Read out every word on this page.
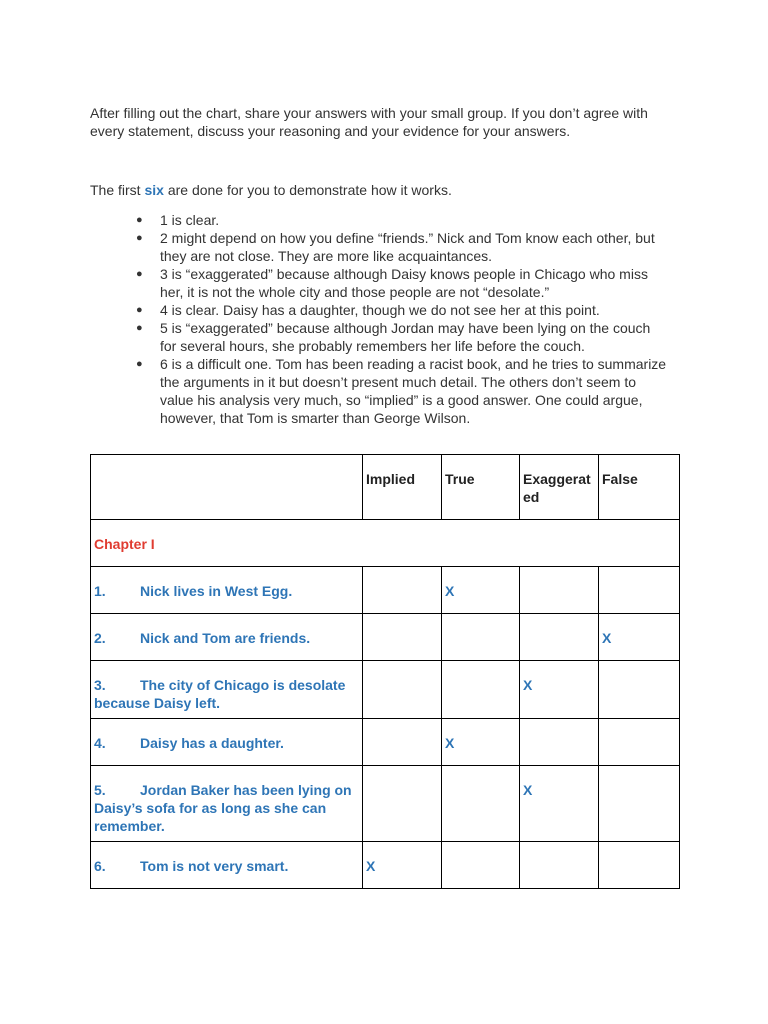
After filling out the chart, share your answers with your small group. If you don’t agree with every statement, discuss your reasoning and your evidence for your answers.

The first six are done for you to demonstrate how it works.

● 1 is clear.
● 2 might depend on how you define “friends.” Nick and Tom know each other, but they are not close. They are more like acquaintances.
● 3 is “exaggerated” because although Daisy knows people in Chicago who miss her, it is not the whole city and those people are not “desolate.”
● 4 is clear. Daisy has a daughter, though we do not see her at this point.
● 5 is “exaggerated” because although Jordan may have been lying on the couch for several hours, she probably remembers her life before the couch.
● 6 is a difficult one. Tom has been reading a racist book, and he tries to summarize the arguments in it but doesn’t present much detail. The others don’t seem to value his analysis very much, so “implied” is a good answer. One could argue, however, that Tom is smarter than George Wilson.
	Implied	True	Exaggerat ed	False
Chapter I				
1. Nick lives in West Egg.		X		
2. Nick and Tom are friends.				X
3. The city of Chicago is desolate because Daisy left.			X	
4. Daisy has a daughter.		X		
5. Jordan Baker has been lying on Daisy’s sofa for as long as she can remember.			X	
6. Tom is not very smart.	X			
